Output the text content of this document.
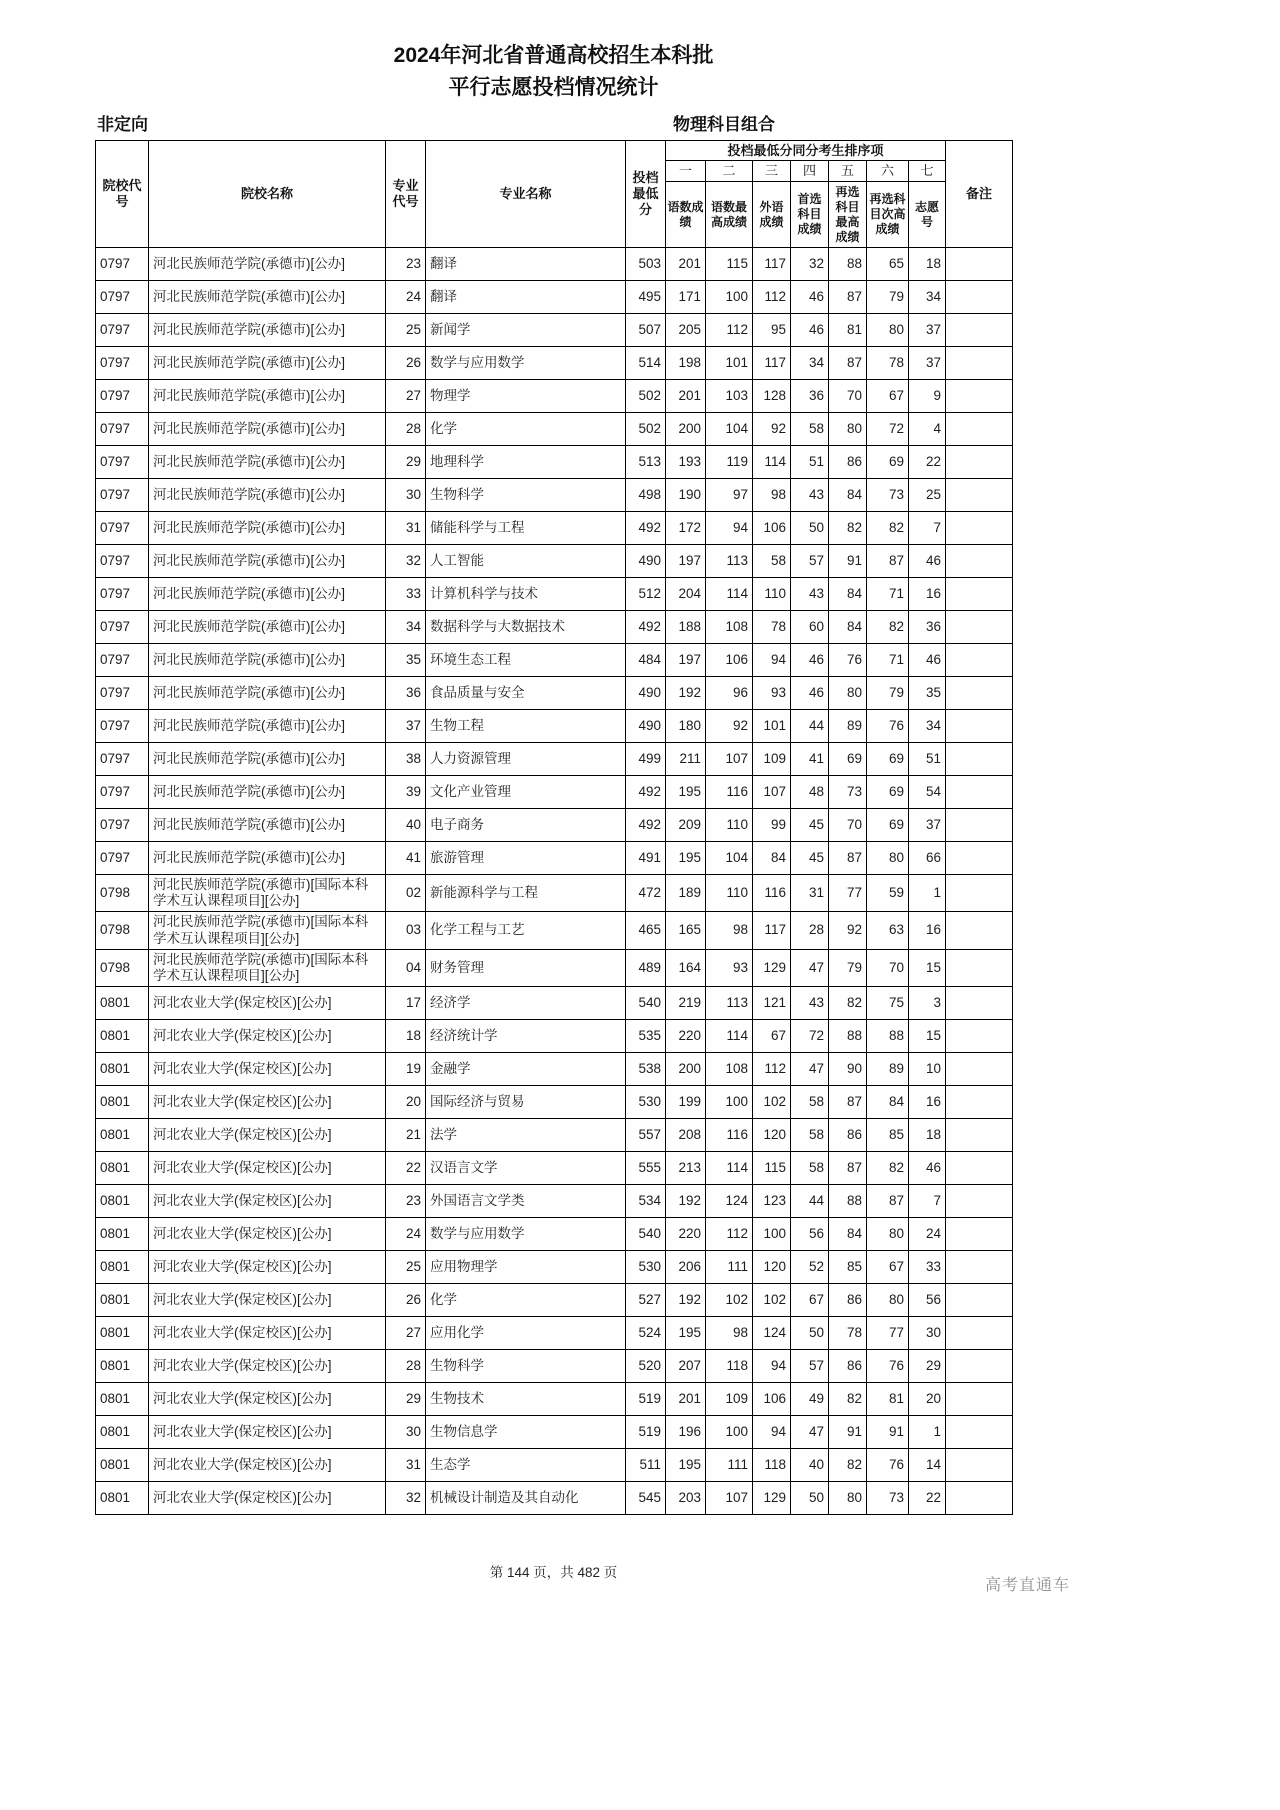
2024年河北省普通高校招生本科批
平行志愿投档情况统计
非定向	物理科目组合
院校代号	院校名称	专业代号	专业名称	投档最低分	投档最低分同分考生排序项							备注
					一	二	三	四	五	六	七	
					语数成绩	语数最高成绩	外语成绩	首选科目成绩	再选科目最高成绩	再选科目次高成绩	志愿号	
0797	河北民族师范学院(承德市)[公办]	23	翻译	503	201	115	117	32	88	65	18	
0797	河北民族师范学院(承德市)[公办]	24	翻译	495	171	100	112	46	87	79	34	
0797	河北民族师范学院(承德市)[公办]	25	新闻学	507	205	112	95	46	81	80	37	
0797	河北民族师范学院(承德市)[公办]	26	数学与应用数学	514	198	101	117	34	87	78	37	
0797	河北民族师范学院(承德市)[公办]	27	物理学	502	201	103	128	36	70	67	9	
0797	河北民族师范学院(承德市)[公办]	28	化学	502	200	104	92	58	80	72	4	
0797	河北民族师范学院(承德市)[公办]	29	地理科学	513	193	119	114	51	86	69	22	
0797	河北民族师范学院(承德市)[公办]	30	生物科学	498	190	97	98	43	84	73	25	
0797	河北民族师范学院(承德市)[公办]	31	储能科学与工程	492	172	94	106	50	82	82	7	
0797	河北民族师范学院(承德市)[公办]	32	人工智能	490	197	113	58	57	91	87	46	
0797	河北民族师范学院(承德市)[公办]	33	计算机科学与技术	512	204	114	110	43	84	71	16	
0797	河北民族师范学院(承德市)[公办]	34	数据科学与大数据技术	492	188	108	78	60	84	82	36	
0797	河北民族师范学院(承德市)[公办]	35	环境生态工程	484	197	106	94	46	76	71	46	
0797	河北民族师范学院(承德市)[公办]	36	食品质量与安全	490	192	96	93	46	80	79	35	
0797	河北民族师范学院(承德市)[公办]	37	生物工程	490	180	92	101	44	89	76	34	
0797	河北民族师范学院(承德市)[公办]	38	人力资源管理	499	211	107	109	41	69	69	51	
0797	河北民族师范学院(承德市)[公办]	39	文化产业管理	492	195	116	107	48	73	69	54	
0797	河北民族师范学院(承德市)[公办]	40	电子商务	492	209	110	99	45	70	69	37	
0797	河北民族师范学院(承德市)[公办]	41	旅游管理	491	195	104	84	45	87	80	66	
0798	河北民族师范学院(承德市)[国际本科学术互认课程项目][公办]	02	新能源科学与工程	472	189	110	116	31	77	59	1	
0798	河北民族师范学院(承德市)[国际本科学术互认课程项目][公办]	03	化学工程与工艺	465	165	98	117	28	92	63	16	
0798	河北民族师范学院(承德市)[国际本科学术互认课程项目][公办]	04	财务管理	489	164	93	129	47	79	70	15	
0801	河北农业大学(保定校区)[公办]	17	经济学	540	219	113	121	43	82	75	3	
0801	河北农业大学(保定校区)[公办]	18	经济统计学	535	220	114	67	72	88	88	15	
0801	河北农业大学(保定校区)[公办]	19	金融学	538	200	108	112	47	90	89	10	
0801	河北农业大学(保定校区)[公办]	20	国际经济与贸易	530	199	100	102	58	87	84	16	
0801	河北农业大学(保定校区)[公办]	21	法学	557	208	116	120	58	86	85	18	
0801	河北农业大学(保定校区)[公办]	22	汉语言文学	555	213	114	115	58	87	82	46	
0801	河北农业大学(保定校区)[公办]	23	外国语言文学类	534	192	124	123	44	88	87	7	
0801	河北农业大学(保定校区)[公办]	24	数学与应用数学	540	220	112	100	56	84	80	24	
0801	河北农业大学(保定校区)[公办]	25	应用物理学	530	206	111	120	52	85	67	33	
0801	河北农业大学(保定校区)[公办]	26	化学	527	192	102	102	67	86	80	56	
0801	河北农业大学(保定校区)[公办]	27	应用化学	524	195	98	124	50	78	77	30	
0801	河北农业大学(保定校区)[公办]	28	生物科学	520	207	118	94	57	86	76	29	
0801	河北农业大学(保定校区)[公办]	29	生物技术	519	201	109	106	49	82	81	20	
0801	河北农业大学(保定校区)[公办]	30	生物信息学	519	196	100	94	47	91	91	1	
0801	河北农业大学(保定校区)[公办]	31	生态学	511	195	111	118	40	82	76	14	
0801	河北农业大学(保定校区)[公办]	32	机械设计制造及其自动化	545	203	107	129	50	80	73	22	
第 144 页，共 482 页
高考直通车
